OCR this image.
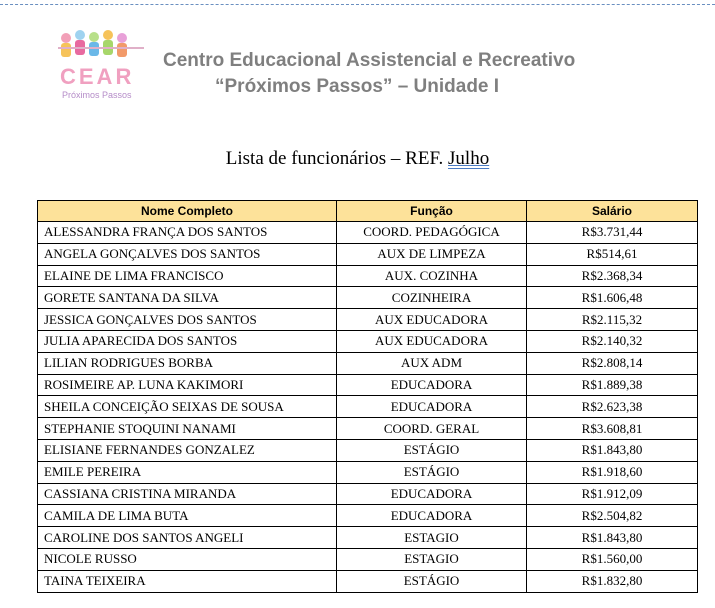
CEAR
Próximos Passos
Centro Educacional Assistencial e Recreativo
“Próximos Passos” – Unidade I
Lista de funcionários – REF. Julho
Nome Completo	Função	Salário
ALESSANDRA FRANÇA DOS SANTOS	COORD. PEDAGÓGICA	R$3.731,44
ANGELA GONÇALVES DOS SANTOS	AUX DE LIMPEZA	R$514,61
ELAINE DE LIMA FRANCISCO	AUX. COZINHA	R$2.368,34
GORETE SANTANA DA SILVA	COZINHEIRA	R$1.606,48
JESSICA GONÇALVES DOS SANTOS	AUX EDUCADORA	R$2.115,32
JULIA APARECIDA DOS SANTOS	AUX EDUCADORA	R$2.140,32
LILIAN RODRIGUES BORBA	AUX ADM	R$2.808,14
ROSIMEIRE AP. LUNA KAKIMORI	EDUCADORA	R$1.889,38
SHEILA CONCEIÇÃO SEIXAS DE SOUSA	EDUCADORA	R$2.623,38
STEPHANIE STOQUINI NANAMI	COORD. GERAL	R$3.608,81
ELISIANE FERNANDES GONZALEZ	ESTÁGIO	R$1.843,80
EMILE PEREIRA	ESTÁGIO	R$1.918,60
CASSIANA CRISTINA MIRANDA	EDUCADORA	R$1.912,09
CAMILA DE LIMA BUTA	EDUCADORA	R$2.504,82
CAROLINE DOS SANTOS ANGELI	ESTAGIO	R$1.843,80
NICOLE RUSSO	ESTAGIO	R$1.560,00
TAINA TEIXEIRA	ESTÁGIO	R$1.832,80
